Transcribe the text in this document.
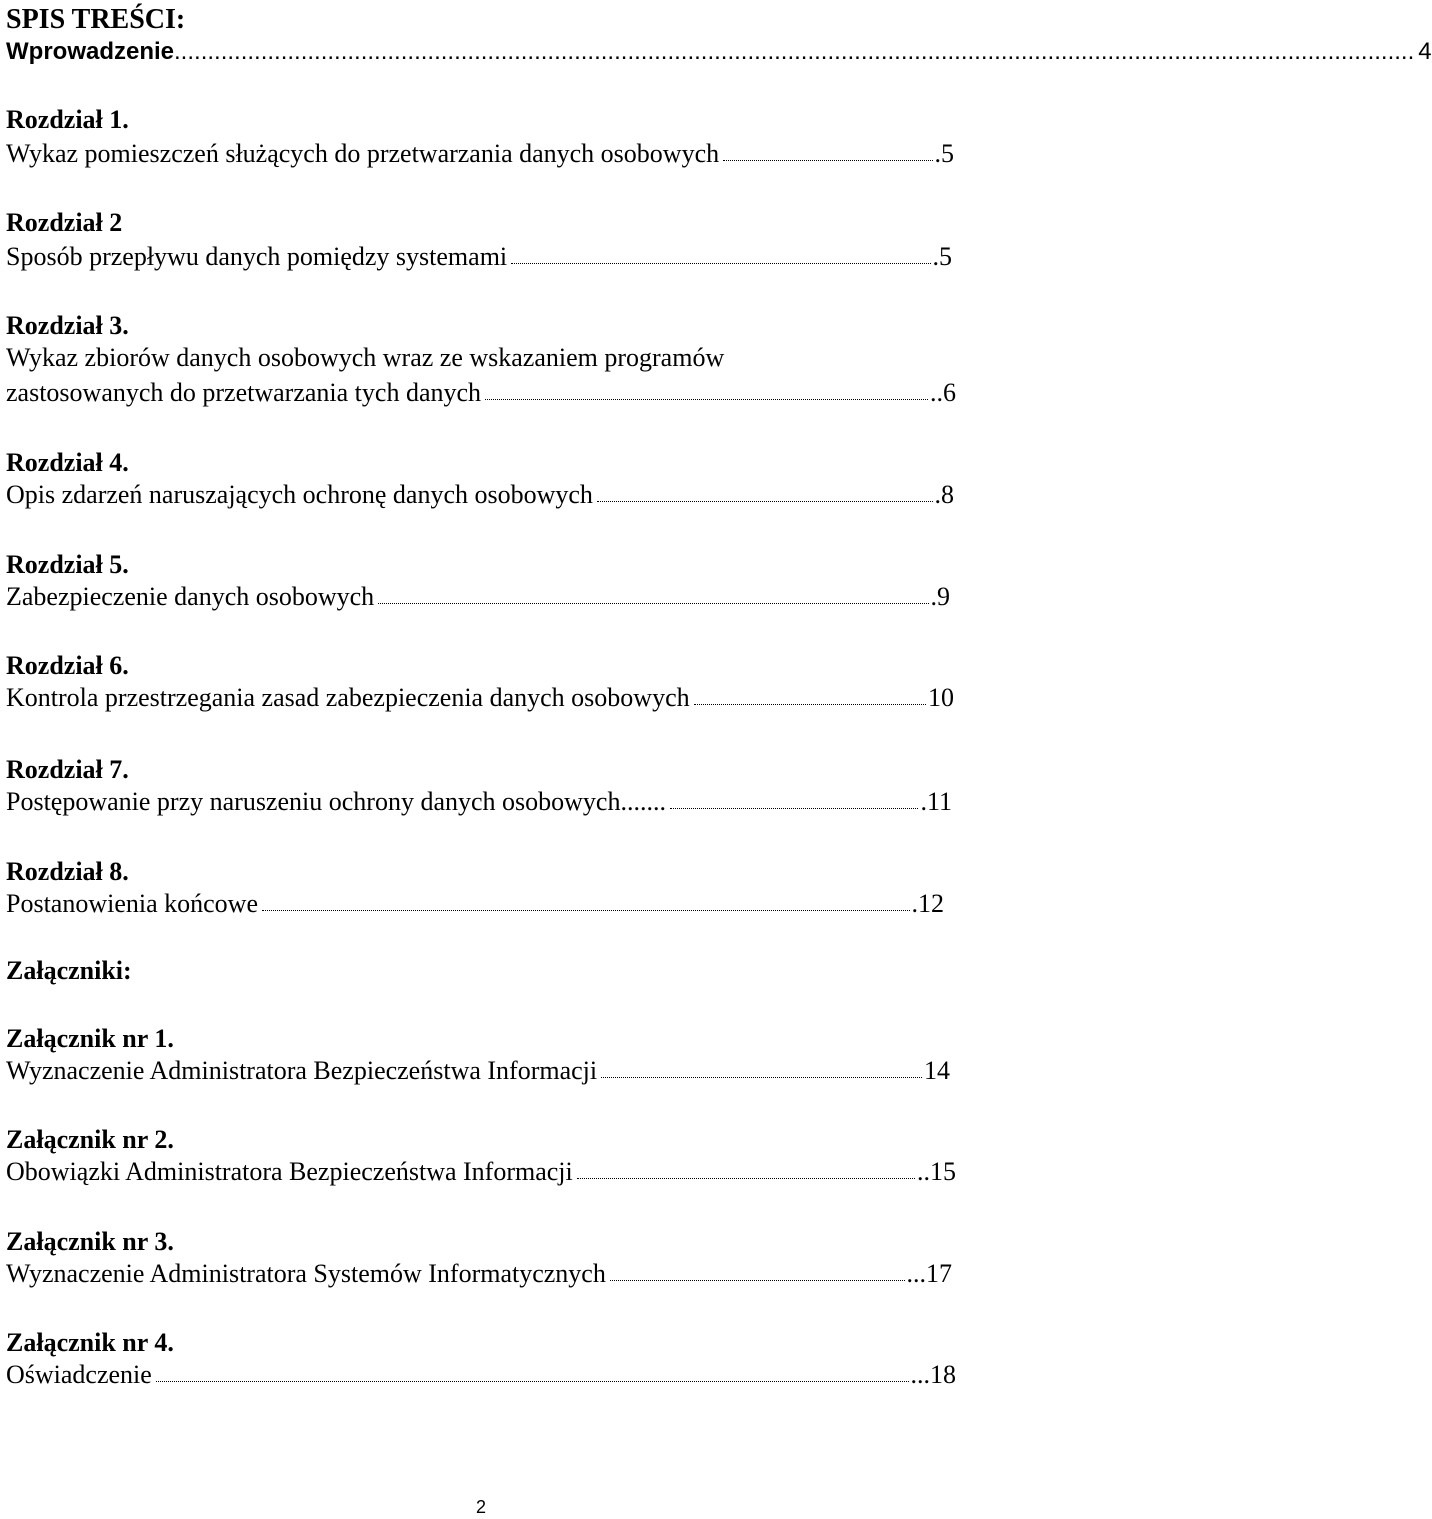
SPIS TREŚCI:
Wprowadzenie .......................................................................................................................................................................................... 4
Rozdział 1.
Wykaz pomieszczeń służących do przetwarzania danych osobowych	.5
Rozdział 2
Sposób przepływu danych pomiędzy systemami	.5
Rozdział 3.
Wykaz zbiorów danych osobowych wraz ze wskazaniem programów
zastosowanych do przetwarzania tych danych	..6
Rozdział 4.
Opis zdarzeń naruszających ochronę danych osobowych	.8
Rozdział 5.
Zabezpieczenie danych osobowych	.9
Rozdział 6.
Kontrola przestrzegania zasad zabezpieczenia danych osobowych	10
Rozdział 7.
Postępowanie przy naruszeniu ochrony danych osobowych.......	.11
Rozdział 8.
Postanowienia końcowe	.12
Załączniki:
Załącznik nr 1.
Wyznaczenie Administratora Bezpieczeństwa Informacji	14
Załącznik nr 2.
Obowiązki Administratora Bezpieczeństwa Informacji	..15
Załącznik nr 3.
Wyznaczenie Administratora Systemów Informatycznych	...17
Załącznik nr 4.
Oświadczenie	...18
2
